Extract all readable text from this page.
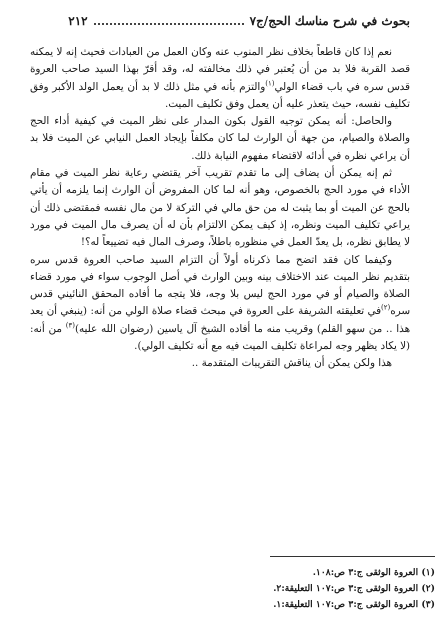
بحوث في شرح مناسك الحج/ج٧
٢١٢

نعم إذا كان قاطعاً بخلاف نظر المنوب عنه وكان العمل من العبادات فحيث إنه لا يمكنه قصد القربة فلا بد من أن يُعتبر في ذلك مخالفته له، وقد أقرّ بهذا السيد صاحب العروة قدس سره في باب قضاء الولي$^{(١)}$والتزم بأنه في مثل ذلك لا بد أن يعمل الولد الأكبر وفق تكليف نفسه، حيث يتعذر عليه أن يعمل وفق تكليف الميت.

والحاصل: أنه يمكن توجيه القول بكون المدار على نظر الميت في كيفية أداء الحج والصلاة والصيام، من جهة أن الوارث لما كان مكلفاً بإيجاد العمل النيابي عن الميت فلا بد أن يراعي نظره في أدائه لاقتضاء مفهوم النيابة ذلك.

ثم إنه يمكن أن يضاف إلى ما تقدم تقريب آخر يقتضي رعاية نظر الميت في مقام الأداء في مورد الحج بالخصوص، وهو أنه لما كان المفروض أن الوارث إنما يلزمه أن يأتي بالحج عن الميت أو بما يثبت له من حق مالي في التركة لا من مال نفسه فمقتضى ذلك أن يراعي تكليف الميت ونظره، إذ كيف يمكن الالتزام بأن له أن يصرف مال الميت في مورد لا يطابق نظره، بل يعدّ العمل في منظوره باطلاً، وصرف المال فيه تضييعاً له؟!

وكيفما كان فقد اتضح مما ذكرناه أولاً أن التزام السيد صاحب العروة قدس سره بتقديم نظر الميت عند الاختلاف بينه وبين الوارث في أصل الوجوب سواء في مورد قضاء الصلاة والصيام أو في مورد الحج ليس بلا وجه، فلا يتجه ما أفاده المحقق النائيني قدس سره$^{(٢)}$في تعليقته الشريفة على العروة في مبحث قضاء صلاة الولي من أنه: (ينبغي أن يعد هذا .. من سهو القلم) وقريب منه ما أفاده الشيخ آل ياسين (رضوان الله عليه)$^{(٣)}$ من أنه: (لا يكاد يظهر وجه لمراعاة تكليف الميت فيه مع أنه تكليف الولي).

هذا ولكن يمكن أن يناقش التقريبات المتقدمة ..

(١) العروة الوثقى ج:٣ ص:١٠٨.
(٢) العروة الوثقى ج:٣ ص:١٠٧ التعليقة:٢.
(٣) العروة الوثقى ج:٣ ص:١٠٧ التعليقة:١.
